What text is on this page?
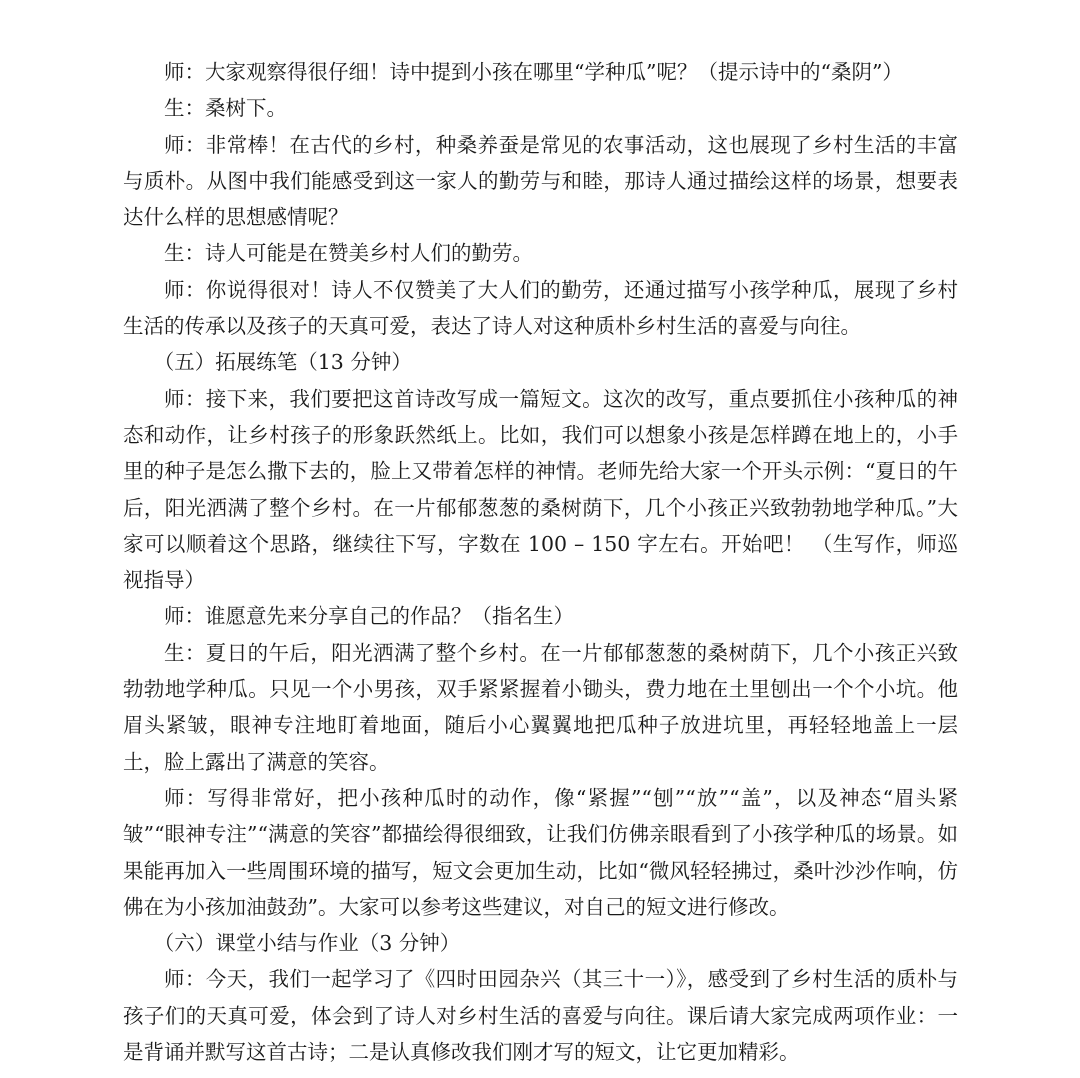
师：大家观察得很仔细！诗中提到小孩在哪里“学种瓜”呢？（提示诗中的“桑阴”）

生：桑树下。

师：非常棒！在古代的乡村，种桑养蚕是常见的农事活动，这也展现了乡村生活的丰富与质朴。从图中我们能感受到这一家人的勤劳与和睦，那诗人通过描绘这样的场景，想要表达什么样的思想感情呢？

生：诗人可能是在赞美乡村人们的勤劳。

师：你说得很对！诗人不仅赞美了大人们的勤劳，还通过描写小孩学种瓜，展现了乡村生活的传承以及孩子的天真可爱，表达了诗人对这种质朴乡村生活的喜爱与向往。

（五）拓展练笔（13 分钟）

师：接下来，我们要把这首诗改写成一篇短文。这次的改写，重点要抓住小孩种瓜的神态和动作，让乡村孩子的形象跃然纸上。比如，我们可以想象小孩是怎样蹲在地上的，小手里的种子是怎么撒下去的，脸上又带着怎样的神情。老师先给大家一个开头示例：“夏日的午后，阳光洒满了整个乡村。在一片郁郁葱葱的桑树荫下，几个小孩正兴致勃勃地学种瓜。”大家可以顺着这个思路，继续往下写，字数在 100 – 150 字左右。开始吧！ （生写作，师巡视指导）

师：谁愿意先来分享自己的作品？（指名生）

生：夏日的午后，阳光洒满了整个乡村。在一片郁郁葱葱的桑树荫下，几个小孩正兴致勃勃地学种瓜。只见一个小男孩，双手紧紧握着小锄头，费力地在土里刨出一个个小坑。他眉头紧皱，眼神专注地盯着地面，随后小心翼翼地把瓜种子放进坑里，再轻轻地盖上一层土，脸上露出了满意的笑容。

师：写得非常好，把小孩种瓜时的动作，像“紧握”“刨”“放”“盖”，以及神态“眉头紧皱”“眼神专注”“满意的笑容”都描绘得很细致，让我们仿佛亲眼看到了小孩学种瓜的场景。如果能再加入一些周围环境的描写，短文会更加生动，比如“微风轻轻拂过，桑叶沙沙作响，仿佛在为小孩加油鼓劲”。大家可以参考这些建议，对自己的短文进行修改。

（六）课堂小结与作业（3 分钟）

师：今天，我们一起学习了《四时田园杂兴（其三十一）》，感受到了乡村生活的质朴与孩子们的天真可爱，体会到了诗人对乡村生活的喜爱与向往。课后请大家完成两项作业：一是背诵并默写这首古诗；二是认真修改我们刚才写的短文，让它更加精彩。
